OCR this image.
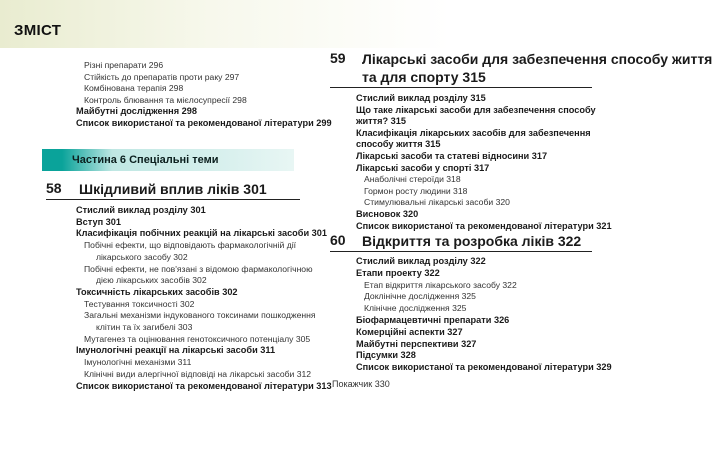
ЗМІСТ
Різні препарати 296
Стійкість до препаратів проти раку 297
Комбінована терапія 298
Контроль блювання та мієлосупресії 298
Майбутні дослідження 298
Список використаної та рекомендованої літератури 299
Частина 6 Спеціальні теми
58 Шкідливий вплив ліків 301
Стислий виклад розділу 301
Вступ 301
Класифікація побічних реакцій на лікарські засоби 301
Побічні ефекти, що відповідають фармакологічній дії
лікарського засобу 302
Побічні ефекти, не пов'язані з відомою фармакологічною
дією лікарських засобів 302
Токсичність лікарських засобів 302
Тестування токсичності 302
Загальні механізми індукованого токсинами пошкодження
клітин та їх загибелі 303
Мутагенез та оцінювання генотоксичного потенціалу 305
Імунологічні реакції на лікарські засоби 311
Імунологічні механізми 311
Клінічні види алергічної відповіді на лікарські засоби 312
Список використаної та рекомендованої літератури 313
59 Лікарські засоби для забезпечення способу життя
та для спорту 315
Стислий виклад розділу 315
Що таке лікарські засоби для забезпечення способу
життя? 315
Класифікація лікарських засобів для забезпечення
способу життя 315
Лікарські засоби та статеві відносини 317
Лікарські засоби у спорті 317
Анаболічні стероїди 318
Гормон росту людини 318
Стимулювальні лікарські засоби 320
Висновок 320
Список використаної та рекомендованої літератури 321
60 Відкриття та розробка ліків 322
Стислий виклад розділу 322
Етапи проекту 322
Етап відкриття лікарського засобу 322
Доклінічне дослідження 325
Клінічне дослідження 325
Біофармацевтичні препарати 326
Комерційні аспекти 327
Майбутні перспективи 327
Підсумки 328
Список використаної та рекомендованої літератури 329
Покажчик 330
